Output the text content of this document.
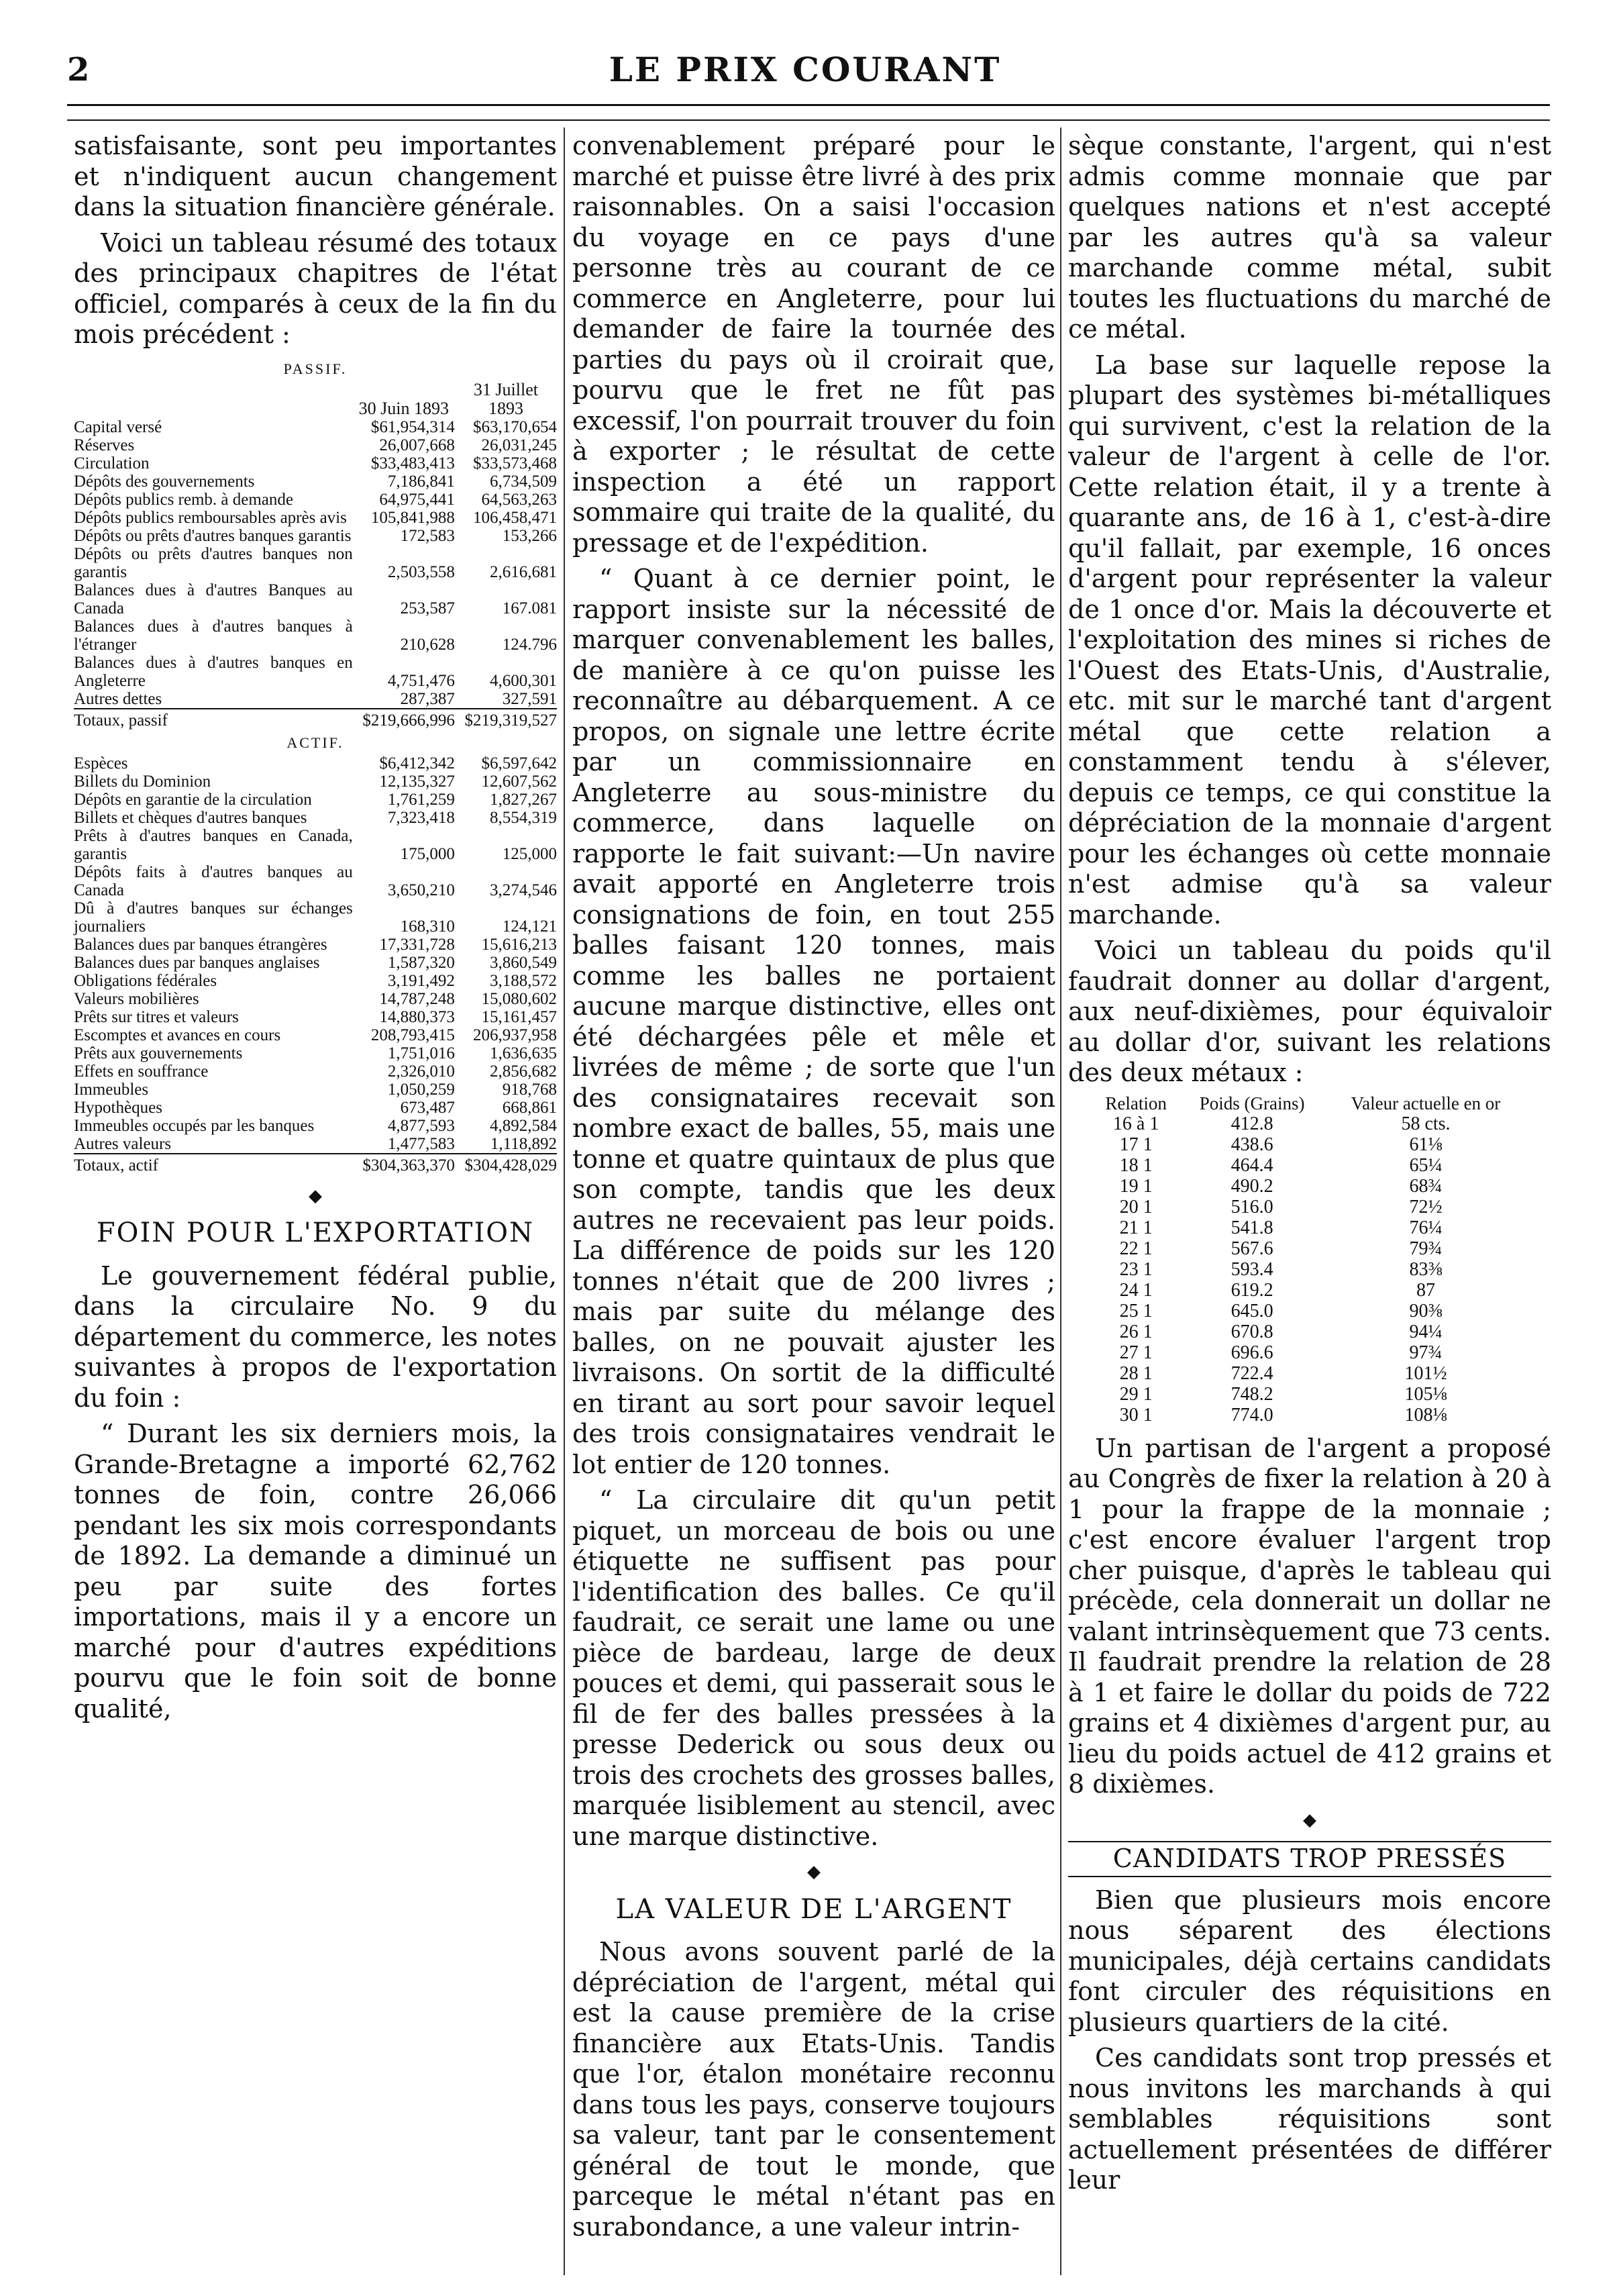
2	LE PRIX COURANT

satisfaisante, sont peu importantes et n'indiquent aucun changement dans la situation financière générale.

Voici un tableau résumé des totaux des principaux chapitres de l'état officiel, comparés à ceux de la fin du mois précédent :

PASSIF.		
	30 Juin 1893	31 Juillet 1893
Capital versé	$61,954,314	$63,170,654
Réserves	26,007,668	26,031,245
Circulation	$33,483,413	$33,573,468
Dépôts des gouvernements	7,186,841	6,734,509
Dépôts publics remb. à demande	64,975,441	64,563,263
Dépôts publics remboursables après avis	105,841,988	106,458,471
Dépôts ou prêts d'autres banques garantis	172,583	153,266
Dépôts ou prêts d'autres banques non garantis	2,503,558	2,616,681
Balances dues à d'autres Banques au Canada	253,587	167.081
Balances dues à d'autres banques à l'étranger	210,628	124.796
Balances dues à d'autres banques en Angleterre	4,751,476	4,600,301
Autres dettes	287,387	327,591
Totaux, passif	$219,666,996	$219,319,527
ACTIF.		
Espèces	$6,412,342	$6,597,642
Billets du Dominion	12,135,327	12,607,562
Dépôts en garantie de la circulation	1,761,259	1,827,267
Billets et chèques d'autres banques	7,323,418	8,554,319
Prêts à d'autres banques en Canada, garantis	175,000	125,000
Dépôts faits à d'autres banques au Canada	3,650,210	3,274,546
Dû à d'autres banques sur échanges journaliers	168,310	124,121
Balances dues par banques étrangères	17,331,728	15,616,213
Balances dues par banques anglaises	1,587,320	3,860,549
Obligations fédérales	3,191,492	3,188,572
Valeurs mobilières	14,787,248	15,080,602
Prêts sur titres et valeurs	14,880,373	15,161,457
Escomptes et avances en cours	208,793,415	206,937,958
Prêts aux gouvernements	1,751,016	1,636,635
Effets en souffrance	2,326,010	2,856,682
Immeubles	1,050,259	918,768
Hypothèques	673,487	668,861
Immeubles occupés par les banques	4,877,593	4,892,584
Autres valeurs	1,477,583	1,118,892
Totaux, actif	$304,363,370	$304,428,029
◆
FOIN POUR L'EXPORTATION

Le gouvernement fédéral publie, dans la circulaire No. 9 du département du commerce, les notes suivantes à propos de l'exportation du foin :

“ Durant les six derniers mois, la Grande-Bretagne a importé 62,762 tonnes de foin, contre 26,066 pendant les six mois correspondants de 1892. La demande a diminué un peu par suite des fortes importations, mais il y a encore un marché pour d'autres expéditions pourvu que le foin soit de bonne qualité,

convenablement préparé pour le marché et puisse être livré à des prix raisonnables. On a saisi l'occasion du voyage en ce pays d'une personne très au courant de ce commerce en Angleterre, pour lui demander de faire la tournée des parties du pays où il croirait que, pourvu que le fret ne fût pas excessif, l'on pourrait trouver du foin à exporter ; le résultat de cette inspection a été un rapport sommaire qui traite de la qualité, du pressage et de l'expédition.

“ Quant à ce dernier point, le rapport insiste sur la nécessité de marquer convenablement les balles, de manière à ce qu'on puisse les reconnaître au débarquement. A ce propos, on signale une lettre écrite par un commissionnaire en Angleterre au sous-ministre du commerce, dans laquelle on rapporte le fait suivant:—Un navire avait apporté en Angleterre trois consignations de foin, en tout 255 balles faisant 120 tonnes, mais comme les balles ne portaient aucune marque distinctive, elles ont été déchargées pêle et mêle et livrées de même ; de sorte que l'un des consignataires recevait son nombre exact de balles, 55, mais une tonne et quatre quintaux de plus que son compte, tandis que les deux autres ne recevaient pas leur poids. La différence de poids sur les 120 tonnes n'était que de 200 livres ; mais par suite du mélange des balles, on ne pouvait ajuster les livraisons. On sortit de la difficulté en tirant au sort pour savoir lequel des trois consignataires vendrait le lot entier de 120 tonnes.

“ La circulaire dit qu'un petit piquet, un morceau de bois ou une étiquette ne suffisent pas pour l'identification des balles. Ce qu'il faudrait, ce serait une lame ou une pièce de bardeau, large de deux pouces et demi, qui passerait sous le fil de fer des balles pressées à la presse Dederick ou sous deux ou trois des crochets des grosses balles, marquée lisiblement au stencil, avec une marque distinctive.

◆
LA VALEUR DE L'ARGENT

Nous avons souvent parlé de la dépréciation de l'argent, métal qui est la cause première de la crise financière aux Etats-Unis. Tandis que l'or, étalon monétaire reconnu dans tous les pays, conserve toujours sa valeur, tant par le consentement général de tout le monde, que parceque le métal n'étant pas en surabondance, a une valeur intrin-

sèque constante, l'argent, qui n'est admis comme monnaie que par quelques nations et n'est accepté par les autres qu'à sa valeur marchande comme métal, subit toutes les fluctuations du marché de ce métal.

La base sur laquelle repose la plupart des systèmes bi-métalliques qui survivent, c'est la relation de la valeur de l'argent à celle de l'or. Cette relation était, il y a trente à quarante ans, de 16 à 1, c'est-à-dire qu'il fallait, par exemple, 16 onces d'argent pour représenter la valeur de 1 once d'or. Mais la découverte et l'exploitation des mines si riches de l'Ouest des Etats-Unis, d'Australie, etc. mit sur le marché tant d'argent métal que cette relation a constamment tendu à s'élever, depuis ce temps, ce qui constitue la dépréciation de la monnaie d'argent pour les échanges où cette monnaie n'est admise qu'à sa valeur marchande.

Voici un tableau du poids qu'il faudrait donner au dollar d'argent, aux neuf-dixièmes, pour équivaloir au dollar d'or, suivant les relations des deux métaux :

Relation	Poids (Grains)	Valeur actuelle en or
16 à 1	412.8	58 cts.
17 1	438.6	61⅛
18 1	464.4	65¼
19 1	490.2	68¾
20 1	516.0	72½
21 1	541.8	76¼
22 1	567.6	79¾
23 1	593.4	83⅜
24 1	619.2	87
25 1	645.0	90⅜
26 1	670.8	94¼
27 1	696.6	97¾
28 1	722.4	101½
29 1	748.2	105⅛
30 1	774.0	108⅛

Un partisan de l'argent a proposé au Congrès de fixer la relation à 20 à 1 pour la frappe de la monnaie ; c'est encore évaluer l'argent trop cher puisque, d'après le tableau qui précède, cela donnerait un dollar ne valant intrinsèquement que 73 cents. Il faudrait prendre la relation de 28 à 1 et faire le dollar du poids de 722 grains et 4 dixièmes d'argent pur, au lieu du poids actuel de 412 grains et 8 dixièmes.

◆
CANDIDATS TROP PRESSÉS

Bien que plusieurs mois encore nous séparent des élections municipales, déjà certains candidats font circuler des réquisitions en plusieurs quartiers de la cité.

Ces candidats sont trop pressés et nous invitons les marchands à qui semblables réquisitions sont actuellement présentées de différer leur
